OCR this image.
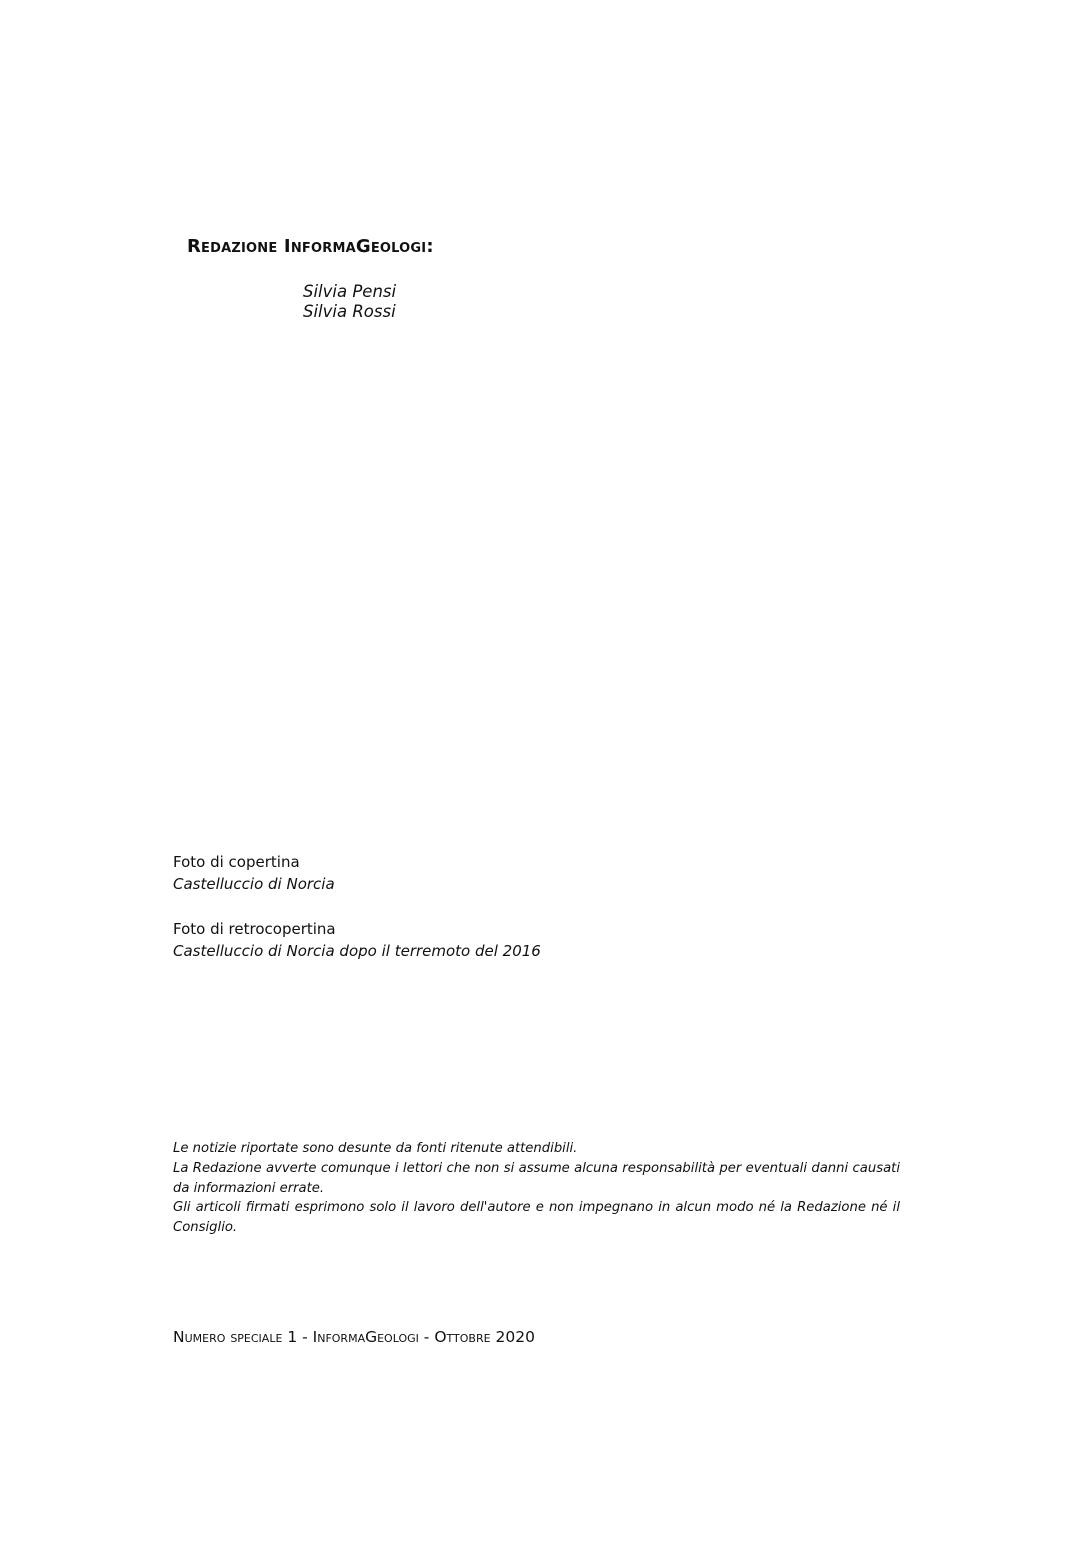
Redazione InformaGeologi:
Silvia Pensi
Silvia Rossi
Foto di copertina
Castelluccio di Norcia
Foto di retrocopertina
Castelluccio di Norcia dopo il terremoto del 2016

Le notizie riportate sono desunte da fonti ritenute attendibili.

La Redazione avverte comunque i lettori che non si assume alcuna responsabilità per eventuali danni causati da informazioni errate.

Gli articoli firmati esprimono solo il lavoro dell'autore e non impegnano in alcun modo né la Redazione né il Consiglio.

Numero speciale 1 - InformaGeologi - Ottobre 2020
